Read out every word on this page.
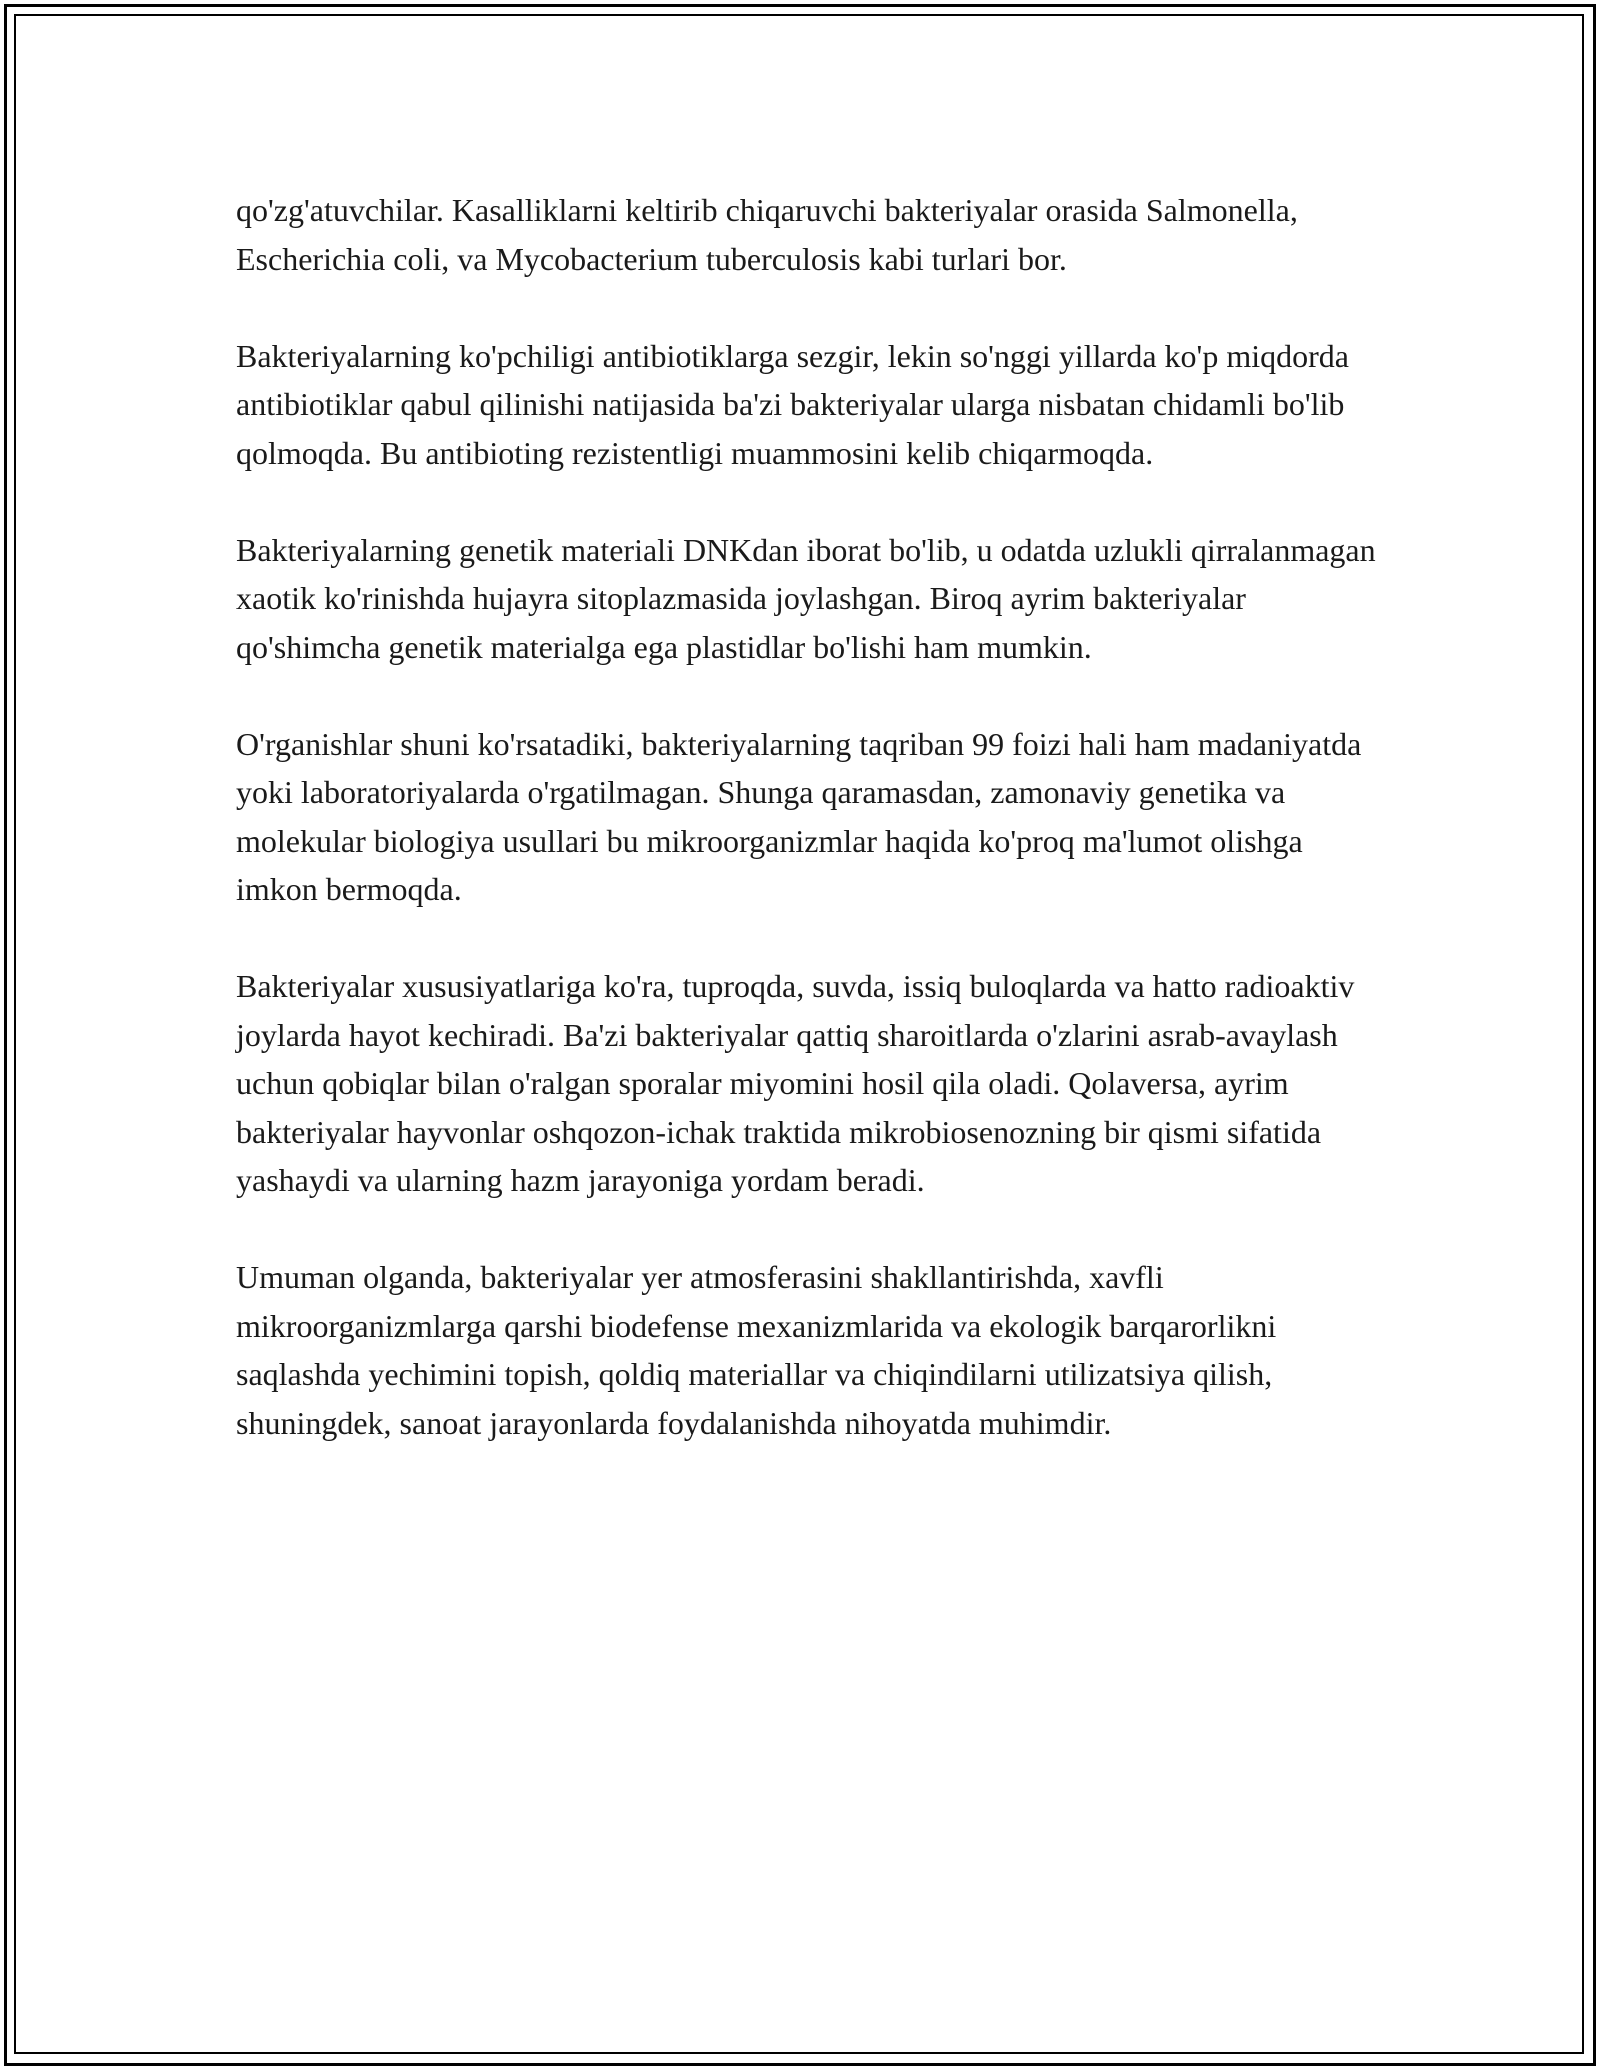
qo'zg'atuvchilar. Kasalliklarni keltirib chiqaruvchi bakteriyalar orasida Salmonella, Escherichia coli, va Mycobacterium tuberculosis kabi turlari bor.

Bakteriyalarning ko'pchiligi antibiotiklarga sezgir, lekin so'nggi yillarda ko'p miqdorda antibiotiklar qabul qilinishi natijasida ba'zi bakteriyalar ularga nisbatan chidamli bo'lib qolmoqda. Bu antibioting rezistentligi muammosini kelib chiqarmoqda.

Bakteriyalarning genetik materiali DNKdan iborat bo'lib, u odatda uzlukli qirralanmagan xaotik ko'rinishda hujayra sitoplazmasida joylashgan. Biroq ayrim bakteriyalar qo'shimcha genetik materialga ega plastidlar bo'lishi ham mumkin.

O'rganishlar shuni ko'rsatadiki, bakteriyalarning taqriban 99 foizi hali ham madaniyatda yoki laboratoriyalarda o'rgatilmagan. Shunga qaramasdan, zamonaviy genetika va molekular biologiya usullari bu mikroorganizmlar haqida ko'proq ma'lumot olishga imkon bermoqda.

Bakteriyalar xususiyatlariga ko'ra, tuproqda, suvda, issiq buloqlarda va hatto radioaktiv joylarda hayot kechiradi. Ba'zi bakteriyalar qattiq sharoitlarda o'zlarini asrab-avaylash uchun qobiqlar bilan o'ralgan sporalar miyomini hosil qila oladi. Qolaversa, ayrim bakteriyalar hayvonlar oshqozon-ichak traktida mikrobiosenozning bir qismi sifatida yashaydi va ularning hazm jarayoniga yordam beradi.

Umuman olganda, bakteriyalar yer atmosferasini shakllantirishda, xavfli mikroorganizmlarga qarshi biodefense mexanizmlarida va ekologik barqarorlikni saqlashda yechimini topish, qoldiq materiallar va chiqindilarni utilizatsiya qilish, shuningdek, sanoat jarayonlarda foydalanishda nihoyatda muhimdir.
